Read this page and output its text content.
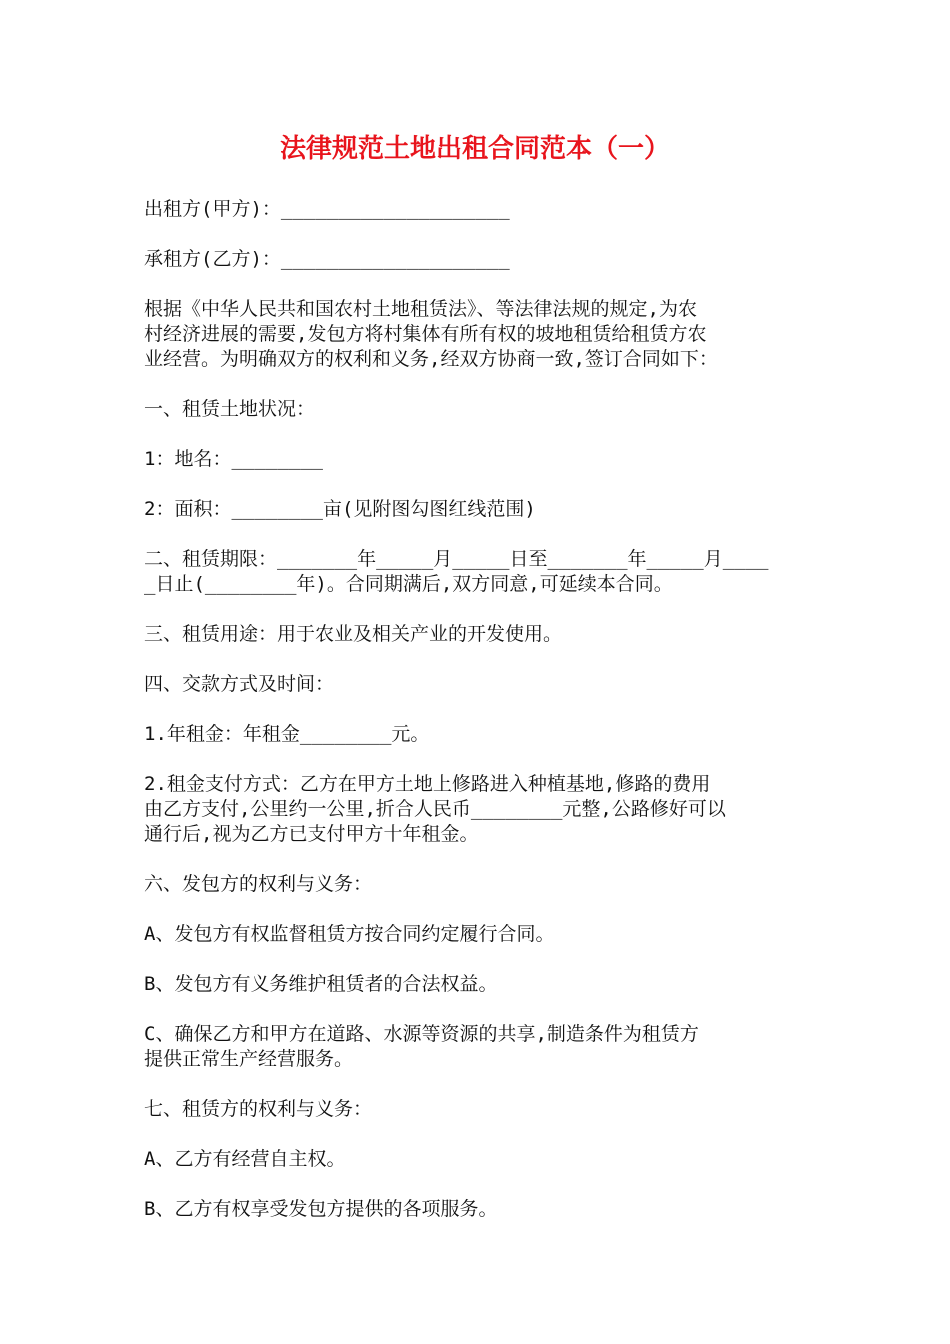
法律规范土地出租合同范本（一）
出租方(甲方)：____________________
承租方(乙方)：____________________
根据《中华人民共和国农村土地租赁法》、等法律法规的规定,为农
村经济进展的需要,发包方将村集体有所有权的坡地租赁给租赁方农
业经营。为明确双方的权利和义务,经双方协商一致,签订合同如下：
一、租赁土地状况：
1：地名：________
2：面积：________亩(见附图勾图红线范围)
二、租赁期限：_______年_____月_____日至_______年_____月____
_日止(________年)。合同期满后,双方同意,可延续本合同。
三、租赁用途：用于农业及相关产业的开发使用。
四、交款方式及时间：
1.年租金：年租金________元。
2.租金支付方式：乙方在甲方土地上修路进入种植基地,修路的费用
由乙方支付,公里约一公里,折合人民币________元整,公路修好可以
通行后,视为乙方已支付甲方十年租金。
六、发包方的权利与义务：
A、发包方有权监督租赁方按合同约定履行合同。
B、发包方有义务维护租赁者的合法权益。
C、确保乙方和甲方在道路、水源等资源的共享,制造条件为租赁方
提供正常生产经营服务。
七、租赁方的权利与义务：
A、乙方有经营自主权。
B、乙方有权享受发包方提供的各项服务。
